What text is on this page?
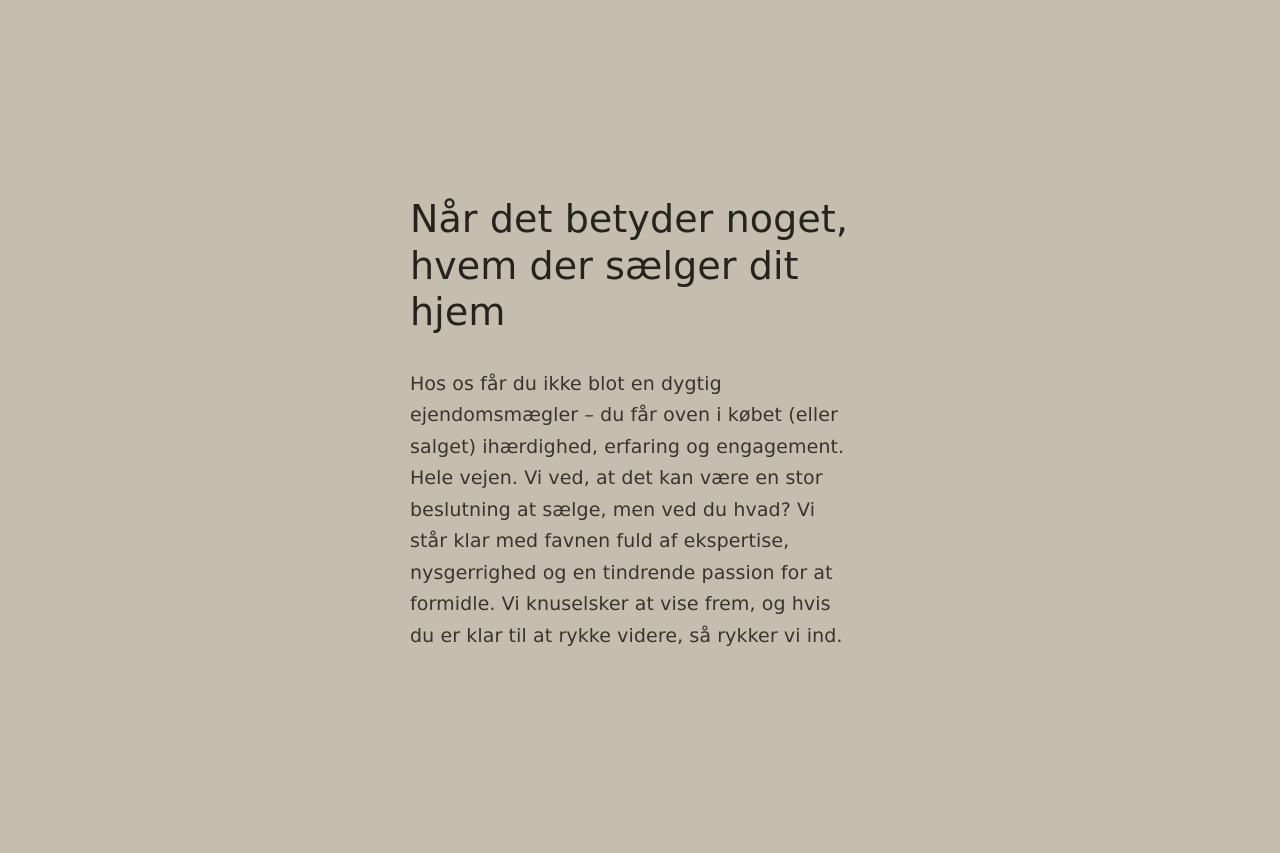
Når det betyder noget, hvem der sælger dit hjem

Hos os får du ikke blot en dygtig ejendomsmægler – du får oven i købet (eller salget) ihærdighed, erfaring og engagement. Hele vejen. Vi ved, at det kan være en stor beslutning at sælge, men ved du hvad? Vi står klar med favnen fuld af ekspertise, nysgerrighed og en tindrende passion for at formidle. Vi knuselsker at vise frem, og hvis du er klar til at rykke videre, så rykker vi ind.
